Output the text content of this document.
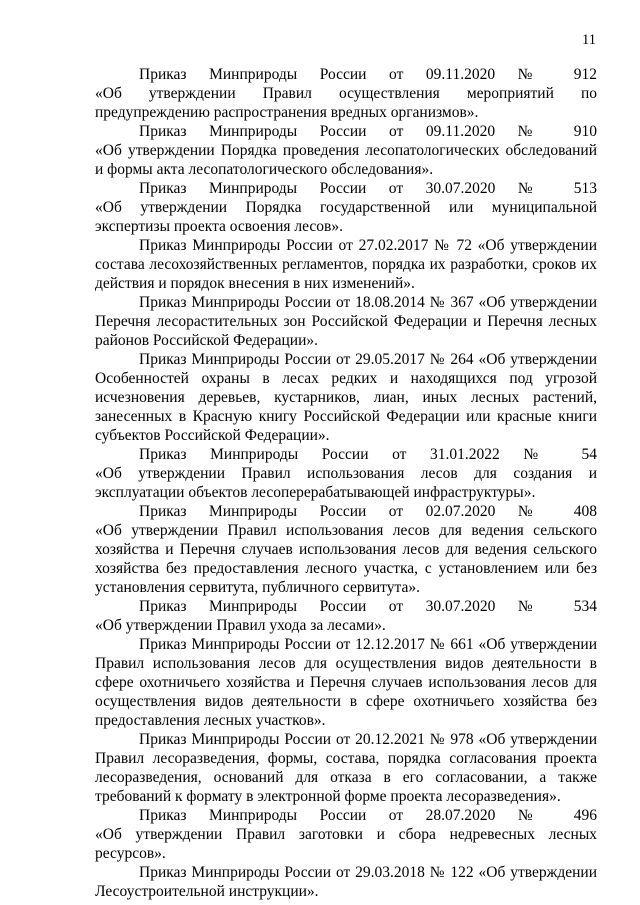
11

Приказ Минприроды России от 09.11.2020 № 912

«Об утверждении Правил осуществления мероприятий по предупреждению распространения вредных организмов».

Приказ Минприроды России от 09.11.2020 № 910

«Об утверждении Порядка проведения лесопатологических обследований и формы акта лесопатологического обследования».

Приказ Минприроды России от 30.07.2020 № 513

«Об утверждении Порядка государственной или муниципальной экспертизы проекта освоения лесов».

Приказ Минприроды России от 27.02.2017 № 72 «Об утверждении состава лесохозяйственных регламентов, порядка их разработки, сроков их действия и порядок внесения в них изменений».

Приказ Минприроды России от 18.08.2014 № 367 «Об утверждении Перечня лесорастительных зон Российской Федерации и Перечня лесных районов Российской Федерации».

Приказ Минприроды России от 29.05.2017 № 264 «Об утверждении Особенностей охраны в лесах редких и находящихся под угрозой исчезновения деревьев, кустарников, лиан, иных лесных растений, занесенных в Красную книгу Российской Федерации или красные книги субъектов Российской Федерации».

Приказ Минприроды России от 31.01.2022 № 54

«Об утверждении Правил использования лесов для создания и эксплуатации объектов лесоперерабатывающей инфраструктуры».

Приказ Минприроды России от 02.07.2020 № 408

«Об утверждении Правил использования лесов для ведения сельского хозяйства и Перечня случаев использования лесов для ведения сельского хозяйства без предоставления лесного участка, с установлением или без установления сервитута, публичного сервитута».

Приказ Минприроды России от 30.07.2020 № 534

«Об утверждении Правил ухода за лесами».

Приказ Минприроды России от 12.12.2017 № 661 «Об утверждении Правил использования лесов для осуществления видов деятельности в сфере охотничьего хозяйства и Перечня случаев использования лесов для осуществления видов деятельности в сфере охотничьего хозяйства без предоставления лесных участков».

Приказ Минприроды России от 20.12.2021 № 978 «Об утверждении Правил лесоразведения, формы, состава, порядка согласования проекта лесоразведения, оснований для отказа в его согласовании, а также требований к формату в электронной форме проекта лесоразведения».

Приказ Минприроды России от 28.07.2020 № 496

«Об утверждении Правил заготовки и сбора недревесных лесных ресурсов».

Приказ Минприроды России от 29.03.2018 № 122 «Об утверждении Лесоустроительной инструкции».
